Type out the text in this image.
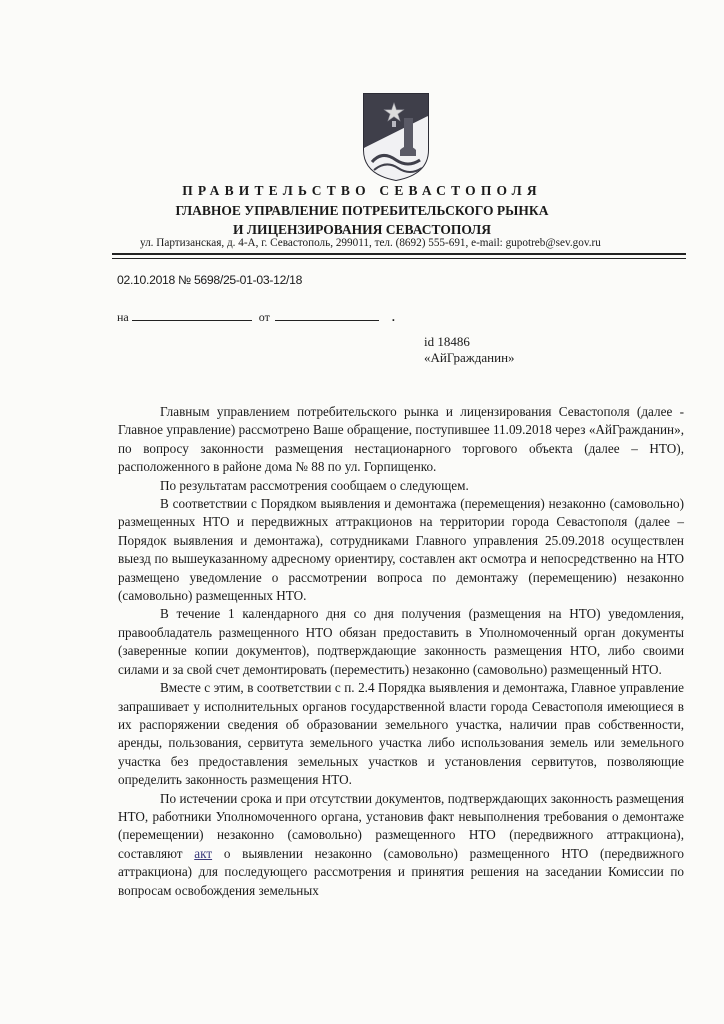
ПРАВИТЕЛЬСТВО СЕВАСТОПОЛЯ
ГЛАВНОЕ УПРАВЛЕНИЕ ПОТРЕБИТЕЛЬСКОГО РЫНКА
И ЛИЦЕНЗИРОВАНИЯ СЕВАСТОПОЛЯ
ул. Партизанская, д. 4-А, г. Севастополь, 299011, тел. (8692) 555-691, e-mail: gupotreb@sev.gov.ru
02.10.2018 № 5698/25-01-03-12/18
на	от	.
id 18486
«АйГражданин»

Главным управлением потребительского рынка и лицензирования Севастополя (далее - Главное управление) рассмотрено Ваше обращение, поступившее 11.09.2018 через «АйГражданин», по вопросу законности размещения нестационарного торгового объекта (далее – НТО), расположенного в районе дома № 88 по ул. Горпищенко.

По результатам рассмотрения сообщаем о следующем.

В соответствии с Порядком выявления и демонтажа (перемещения) незаконно (самовольно) размещенных НТО и передвижных аттракционов на территории города Севастополя (далее – Порядок выявления и демонтажа), сотрудниками Главного управления 25.09.2018 осуществлен выезд по вышеуказанному адресному ориентиру, составлен акт осмотра и непосредственно на НТО размещено уведомление о рассмотрении вопроса по демонтажу (перемещению) незаконно (самовольно) размещенных НТО.

В течение 1 календарного дня со дня получения (размещения на НТО) уведомления, правообладатель размещенного НТО обязан предоставить в Уполномоченный орган документы (заверенные копии документов), подтверждающие законность размещения НТО, либо своими силами и за свой счет демонтировать (переместить) незаконно (самовольно) размещенный НТО.

Вместе с этим, в соответствии с п. 2.4 Порядка выявления и демонтажа, Главное управление запрашивает у исполнительных органов государственной власти города Севастополя имеющиеся в их распоряжении сведения об образовании земельного участка, наличии прав собственности, аренды, пользования, сервитута земельного участка либо использования земель или земельного участка без предоставления земельных участков и установления сервитутов, позволяющие определить законность размещения НТО.

По истечении срока и при отсутствии документов, подтверждающих законность размещения НТО, работники Уполномоченного органа, установив факт невыполнения требования о демонтаже (перемещении) незаконно (самовольно) размещенного НТО (передвижного аттракциона), составляют акт о выявлении незаконно (самовольно) размещенного НТО (передвижного аттракциона) для последующего рассмотрения и принятия решения на заседании Комиссии по вопросам освобождения земельных
